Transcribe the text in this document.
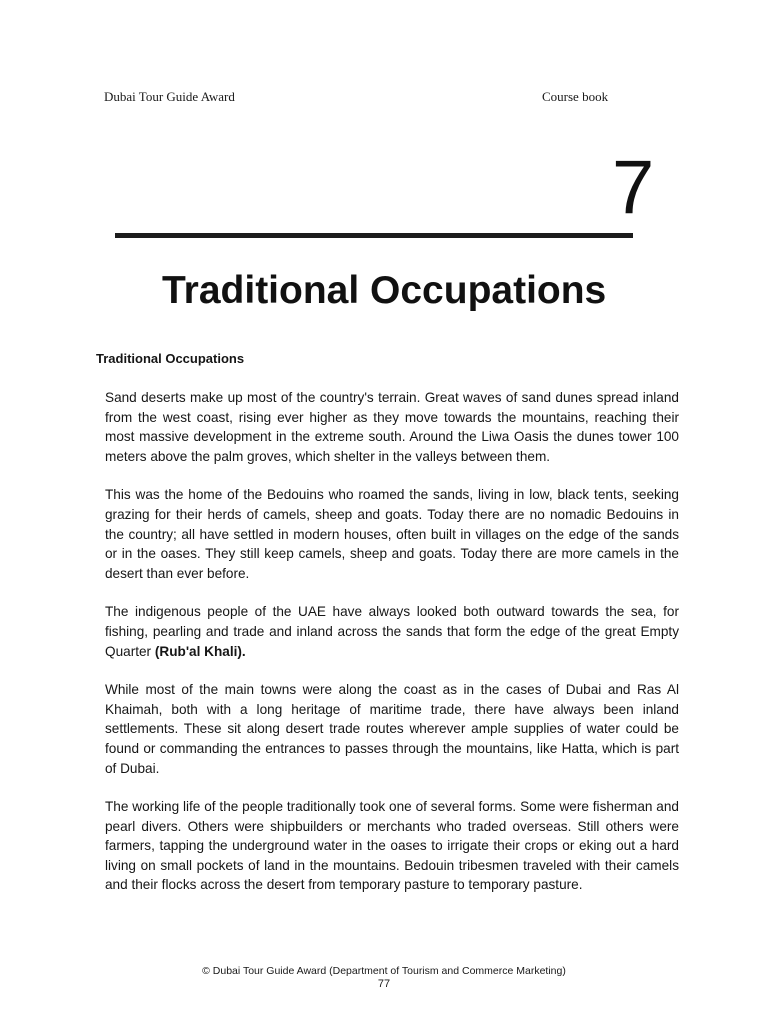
Dubai Tour Guide Award	Course book
7
Traditional Occupations
Traditional Occupations

Sand deserts make up most of the country's terrain. Great waves of sand dunes spread inland from the west coast, rising ever higher as they move towards the mountains, reaching their most massive development in the extreme south. Around the Liwa Oasis the dunes tower 100 meters above the palm groves, which shelter in the valleys between them.

This was the home of the Bedouins who roamed the sands, living in low, black tents, seeking grazing for their herds of camels, sheep and goats. Today there are no nomadic Bedouins in the country; all have settled in modern houses, often built in villages on the edge of the sands or in the oases. They still keep camels, sheep and goats. Today there are more camels in the desert than ever before.

The indigenous people of the UAE have always looked both outward towards the sea, for fishing, pearling and trade and inland across the sands that form the edge of the great Empty Quarter (Rub'al Khali).

While most of the main towns were along the coast as in the cases of Dubai and Ras Al Khaimah, both with a long heritage of maritime trade, there have always been inland settlements. These sit along desert trade routes wherever ample supplies of water could be found or commanding the entrances to passes through the mountains, like Hatta, which is part of Dubai.

The working life of the people traditionally took one of several forms. Some were fisherman and pearl divers. Others were shipbuilders or merchants who traded overseas. Still others were farmers, tapping the underground water in the oases to irrigate their crops or eking out a hard living on small pockets of land in the mountains. Bedouin tribesmen traveled with their camels and their flocks across the desert from temporary pasture to temporary pasture.

© Dubai Tour Guide Award (Department of Tourism and Commerce Marketing)
77
